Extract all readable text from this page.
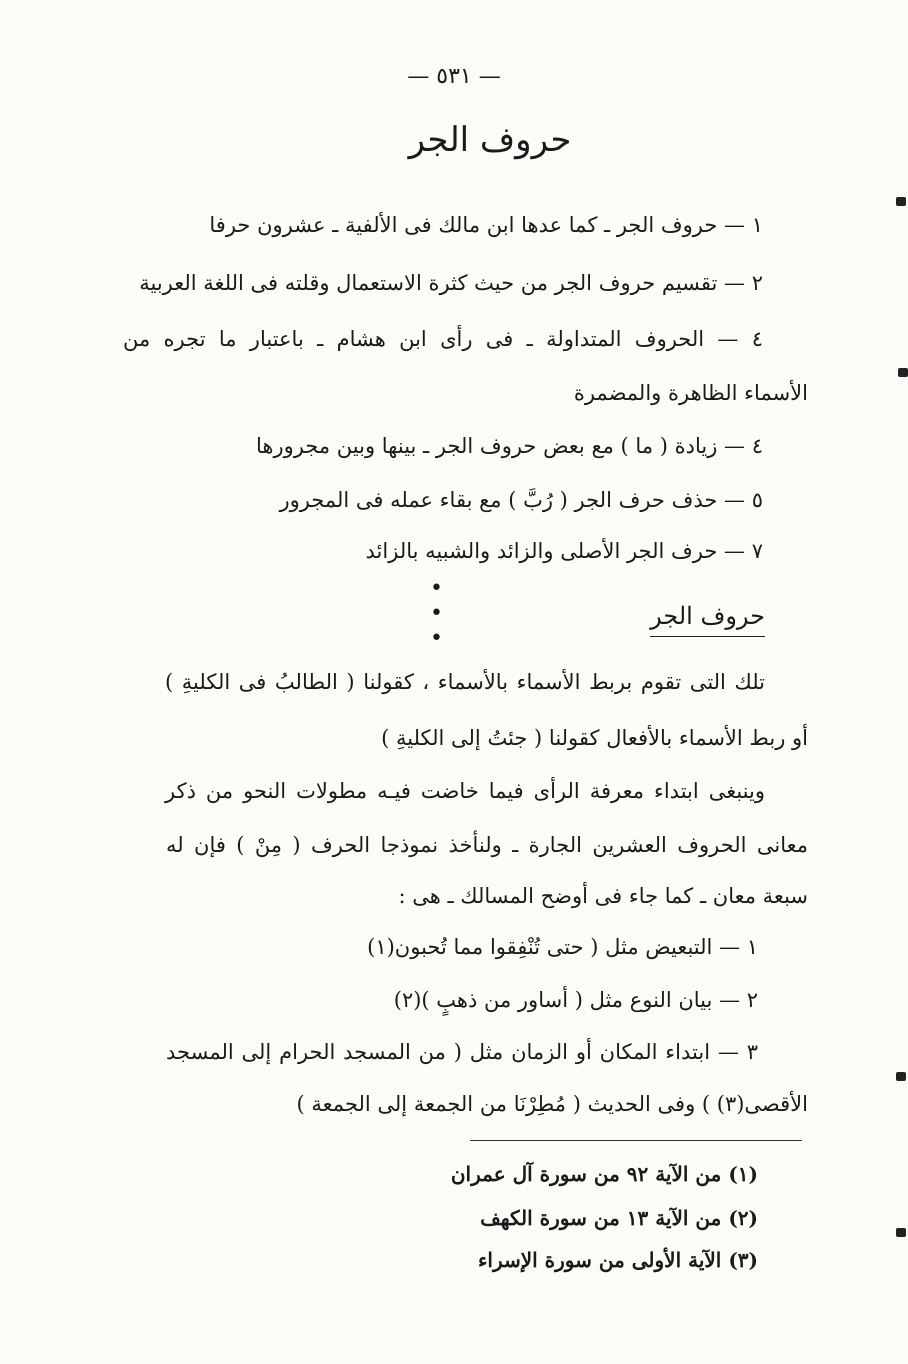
— ٥٣١ —
حروف الجر
١ — حروف الجر ـ كما عدها ابن مالك فى الألفية ـ عشرون حرفا
٢ — تقسيم حروف الجر من حيث كثرة الاستعمال وقلته فى اللغة العربية
٤ — الحروف المتداولة ـ فى رأى ابن هشام ـ باعتبار ما تجره من
الأسماء الظاهرة والمضمرة
٤ — زيادة ( ما ) مع بعض حروف الجر ـ بينها وبين مجرورها
٥ — حذف حرف الجر ( رُبَّ ) مع بقاء عمله فى المجرور
٧ — حرف الجر الأصلى والزائد والشبيه بالزائد
• • •
حروف الجر
تلك التى تقوم بربط الأسماء بالأسماء ، كقولنا ( الطالبُ فى الكليةِ )
أو ربط الأسماء بالأفعال كقولنا ( جئتُ إلى الكليةِ )
وينبغى ابتداء معرفة الرأى فيما خاضت فيـه مطولات النحو من ذكر
معانى الحروف العشرين الجارة ـ ولنأخذ نموذجا الحرف ( مِنْ ) فإن له
سبعة معان ـ كما جاء فى أوضح المسالك ـ هى :
١ — التبعيض مثل ( حتى تُنْفِقوا مما تُحبون(١)
٢ — بيان النوع مثل ( أساور من ذهبٍ )(٢)
٣ — ابتداء المكان أو الزمان مثل ( من المسجد الحرام إلى المسجد
الأقصى(٣) ) وفى الحديث ( مُطِرْنَا من الجمعة إلى الجمعة )
(١) من الآية ٩٢ من سورة آل عمران
(٢) من الآية ١٣ من سورة الكهف
(٣) الآية الأولى من سورة الإسراء
